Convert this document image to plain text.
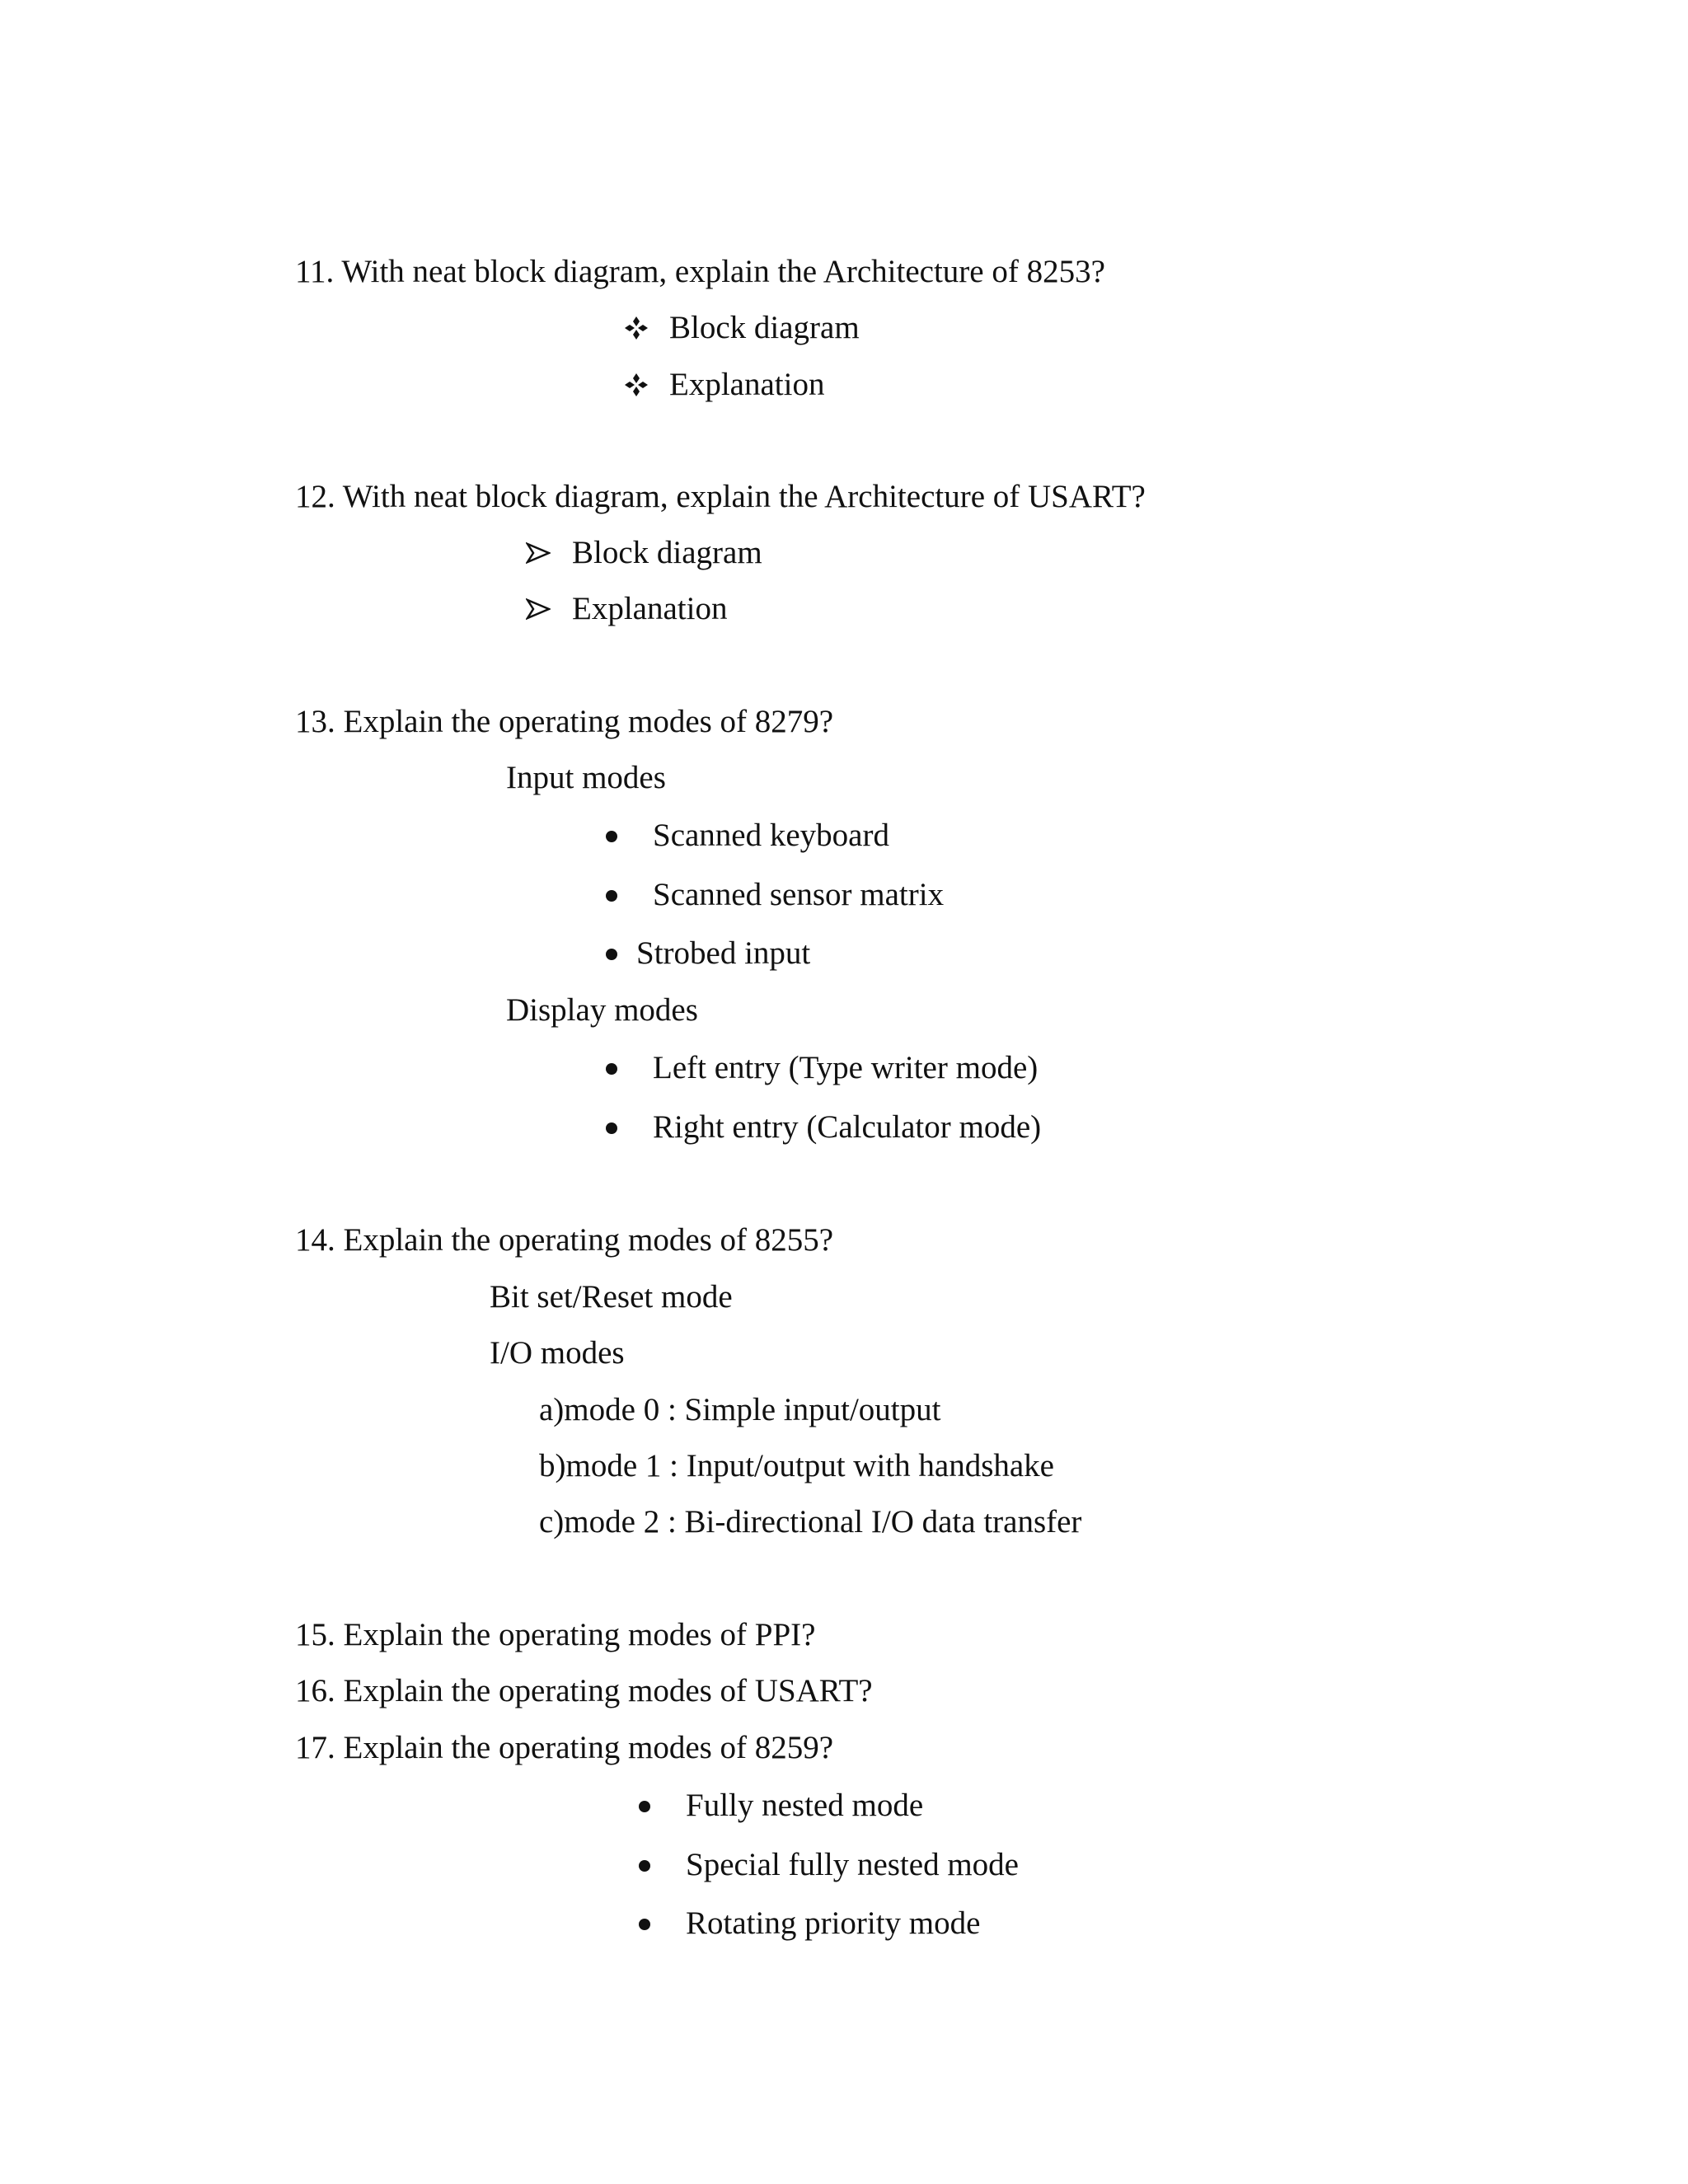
11. With neat block diagram, explain the Architecture of 8253?
Block diagram
Explanation
12. With neat block diagram, explain the Architecture of USART?
Block diagram
Explanation
13. Explain the operating modes of 8279?
Input modes
Scanned keyboard
Scanned sensor matrix
Strobed input
Display modes
Left entry (Type writer mode)
Right entry (Calculator mode)
14. Explain the operating modes of 8255?
Bit set/Reset mode
I/O modes
a)mode 0 : Simple input/output
b)mode 1 : Input/output with handshake
c)mode 2 : Bi-directional I/O data transfer
15. Explain the operating modes of PPI?
16. Explain the operating modes of USART?
17. Explain the operating modes of 8259?
Fully nested mode
Special fully nested mode
Rotating priority mode
